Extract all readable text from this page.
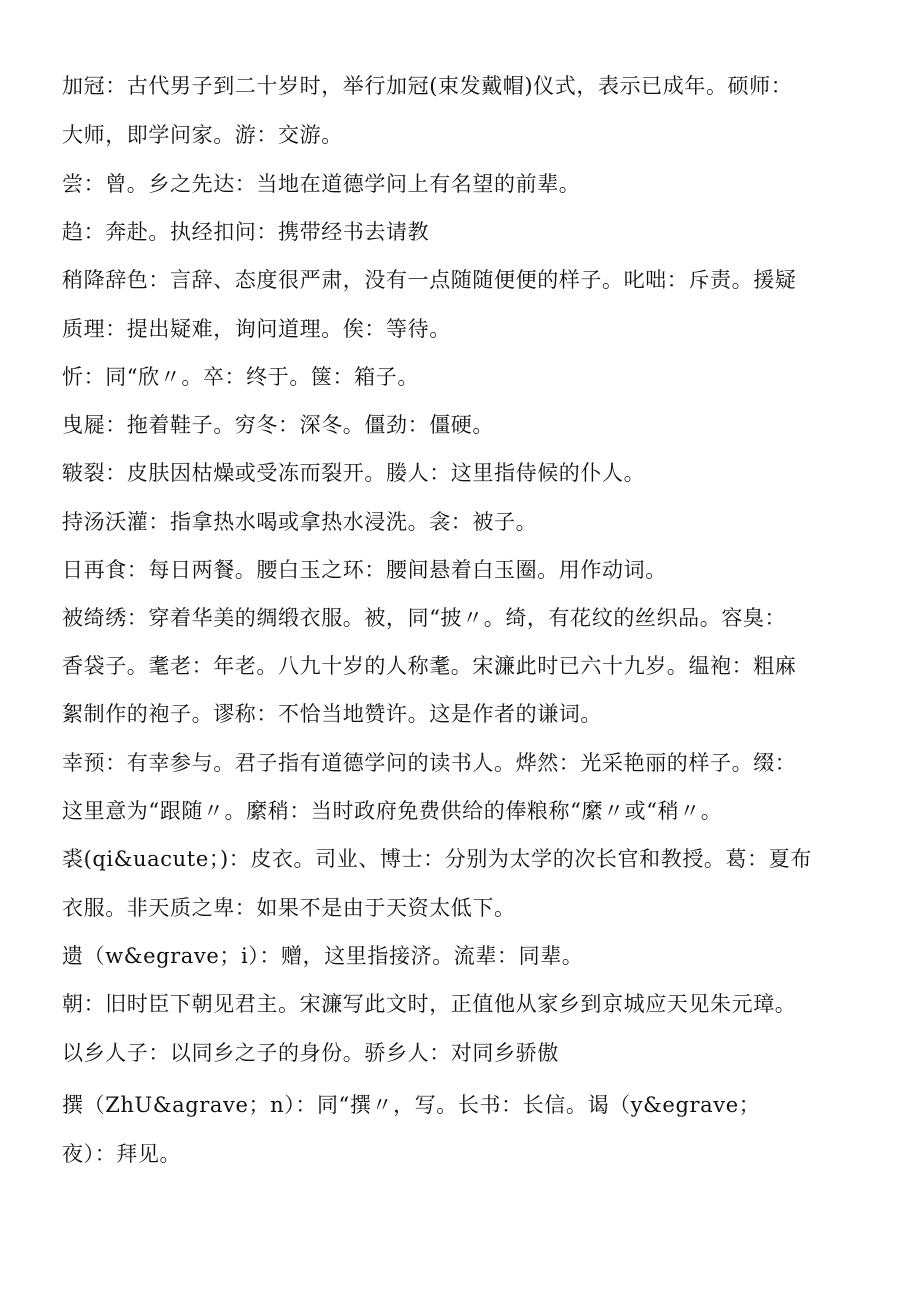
加冠：古代男子到二十岁时，举行加冠(束发戴帽)仪式，表示已成年。硕师：
大师，即学问家。游：交游。
尝：曾。乡之先达：当地在道德学问上有名望的前辈。
趋：奔赴。执经扣问：携带经书去请教
稍降辞色：言辞、态度很严肃，没有一点随随便便的样子。叱咄：斥责。援疑
质理：提出疑难，询问道理。俟：等待。
忻：同“欣〃。卒：终于。箧：箱子。
曳屣：拖着鞋子。穷冬：深冬。僵劲：僵硬。
皲裂：皮肤因枯燥或受冻而裂开。媵人：这里指侍候的仆人。
持汤沃灌：指拿热水喝或拿热水浸洗。衾：被子。
日再食：每日两餐。腰白玉之环：腰间悬着白玉圈。用作动词。
被绮绣：穿着华美的绸缎衣服。被，同“披〃。绮，有花纹的丝织品。容臭：
香袋子。耄老：年老。八九十岁的人称耄。宋濂此时已六十九岁。缊袍：粗麻
絮制作的袍子。谬称：不恰当地赞许。这是作者的谦词。
幸预：有幸参与。君子指有道德学问的读书人。烨然：光采艳丽的样子。缀：
这里意为“跟随〃。縻稍：当时政府免费供给的俸粮称“縻〃或“稍〃。
裘(qi&uacute；)：皮衣。司业、博士：分别为太学的次长官和教授。葛：夏布
衣服。非天质之卑：如果不是由于天资太低下。
遗（w&egrave；i）：赠，这里指接济。流辈：同辈。
朝：旧时臣下朝见君主。宋濂写此文时，正值他从家乡到京城应天见朱元璋。
以乡人子：以同乡之子的身份。骄乡人：对同乡骄傲
撰（ZhU&agrave；n）：同“撰〃，写。长书：长信。谒（y&egrave；
夜）：拜见。
